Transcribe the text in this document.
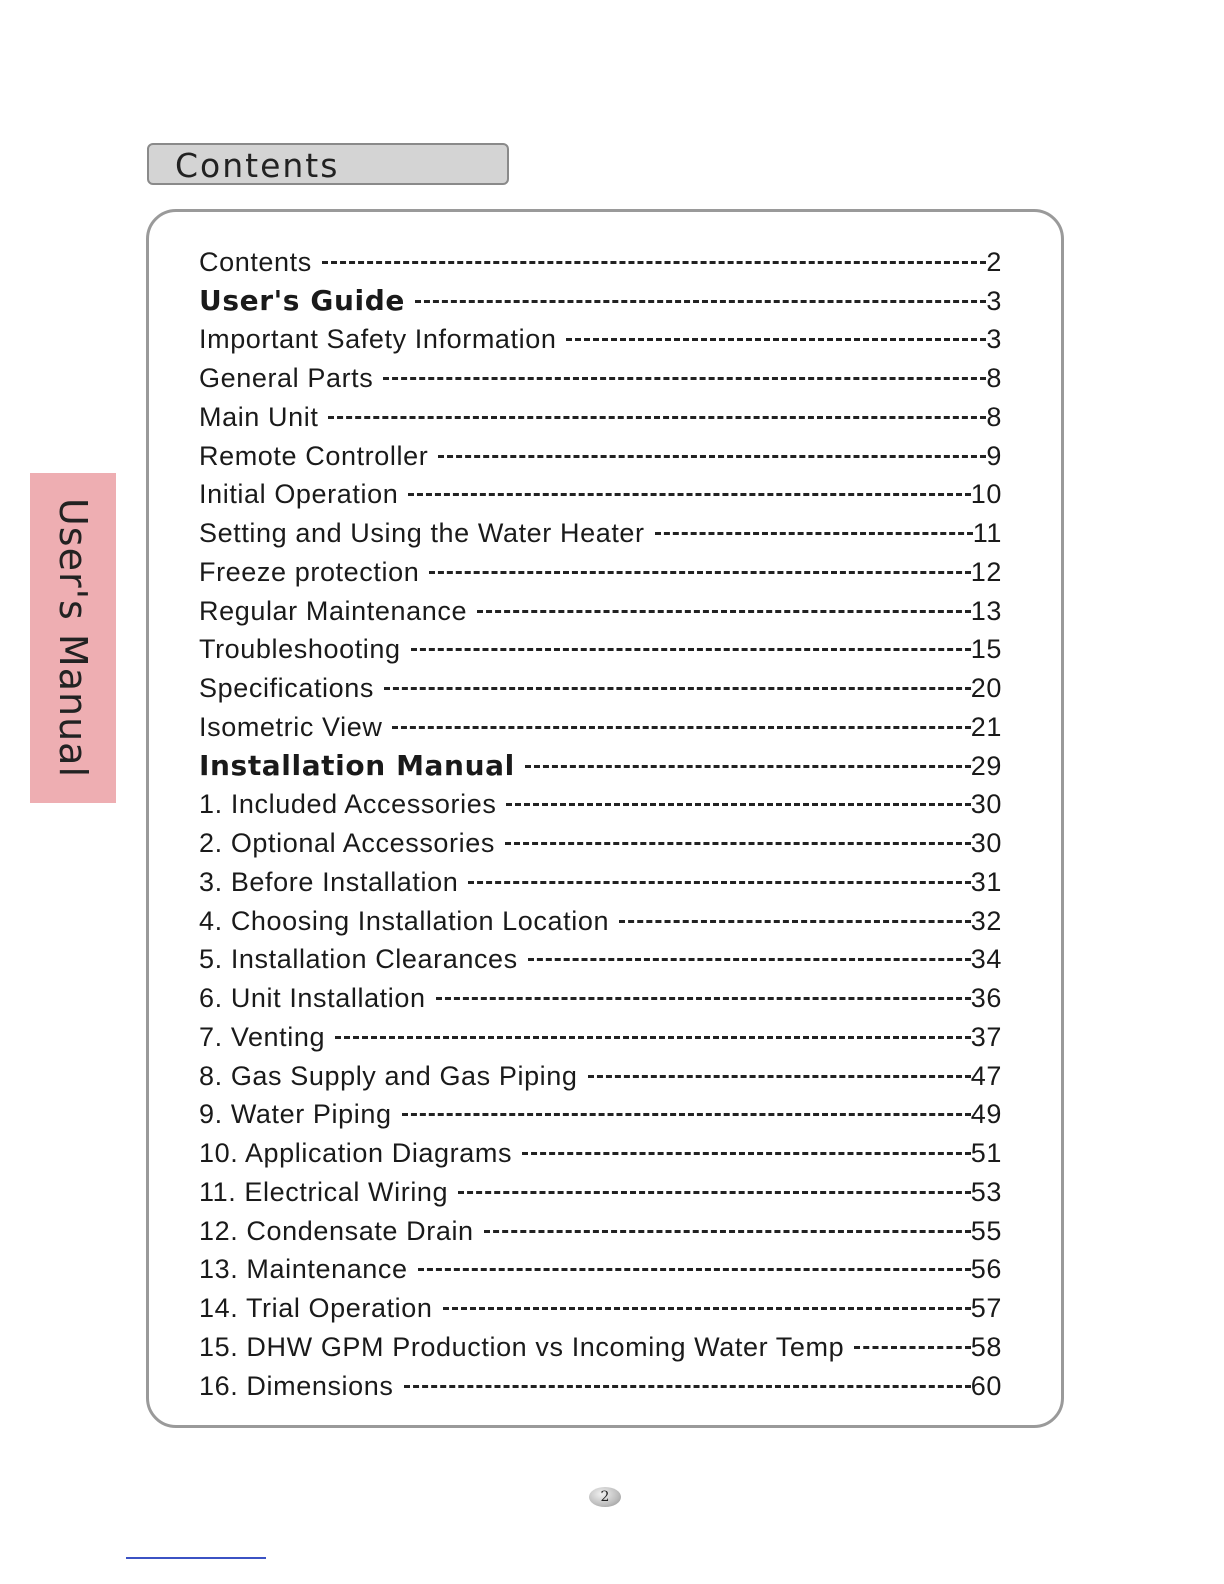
Contents
User's Manual
Contents	2
User's Guide	3
Important Safety Information	3
General Parts	8
Main Unit	8
Remote Controller	9
Initial Operation	10
Setting and Using the Water Heater	11
Freeze protection	12
Regular Maintenance	13
Troubleshooting	15
Specifications	20
Isometric View	21
Installation Manual	29
1. Included Accessories	30
2. Optional Accessories	30
3. Before Installation	31
4. Choosing Installation Location	32
5. Installation Clearances	34
6. Unit Installation	36
7. Venting	37
8. Gas Supply and Gas Piping	47
9. Water Piping	49
10. Application Diagrams	51
11. Electrical Wiring	53
12. Condensate Drain	55
13. Maintenance	56
14. Trial Operation	57
15. DHW GPM Production vs Incoming Water Temp	58
16. Dimensions	60
2
